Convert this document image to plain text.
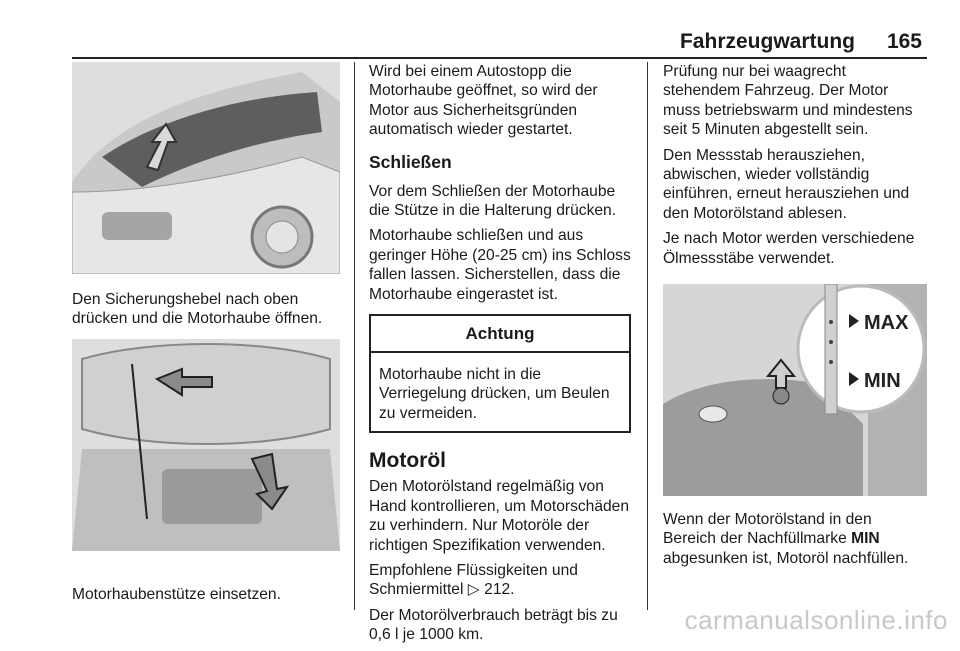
Fahrzeugwartung 165

Den Sicherungshebel nach oben drücken und die Motorhaube öffnen.

Motorhaubenstütze einsetzen.

Wird bei einem Autostopp die Motorhaube geöffnet, so wird der Motor aus Sicherheitsgründen automatisch wieder gestartet.

Schließen

Vor dem Schließen der Motorhaube die Stütze in die Halterung drücken.

Motorhaube schließen und aus geringer Höhe (20-25 cm) ins Schloss fallen lassen. Sicherstellen, dass die Motorhaube eingerastet ist.

Achtung
Motorhaube nicht in die Verriegelung drücken, um Beulen zu vermeiden.
Motoröl

Den Motorölstand regelmäßig von Hand kontrollieren, um Motorschäden zu verhindern. Nur Motoröle der richtigen Spezifikation verwenden.

Empfohlene Flüssigkeiten und Schmiermittel ▷ 212.

Der Motorölverbrauch beträgt bis zu 0,6 l je 1000 km.

Prüfung nur bei waagrecht stehendem Fahrzeug. Der Motor muss betriebswarm und mindestens seit 5 Minuten abgestellt sein.

Den Messstab herausziehen, abwischen, wieder vollständig einführen, erneut herausziehen und den Motorölstand ablesen.

Je nach Motor werden verschiedene Ölmessstäbe verwendet.

MAX
MIN

Wenn der Motorölstand in den Bereich der Nachfüllmarke MIN abgesunken ist, Motoröl nachfüllen.

carmanualsonline.info
